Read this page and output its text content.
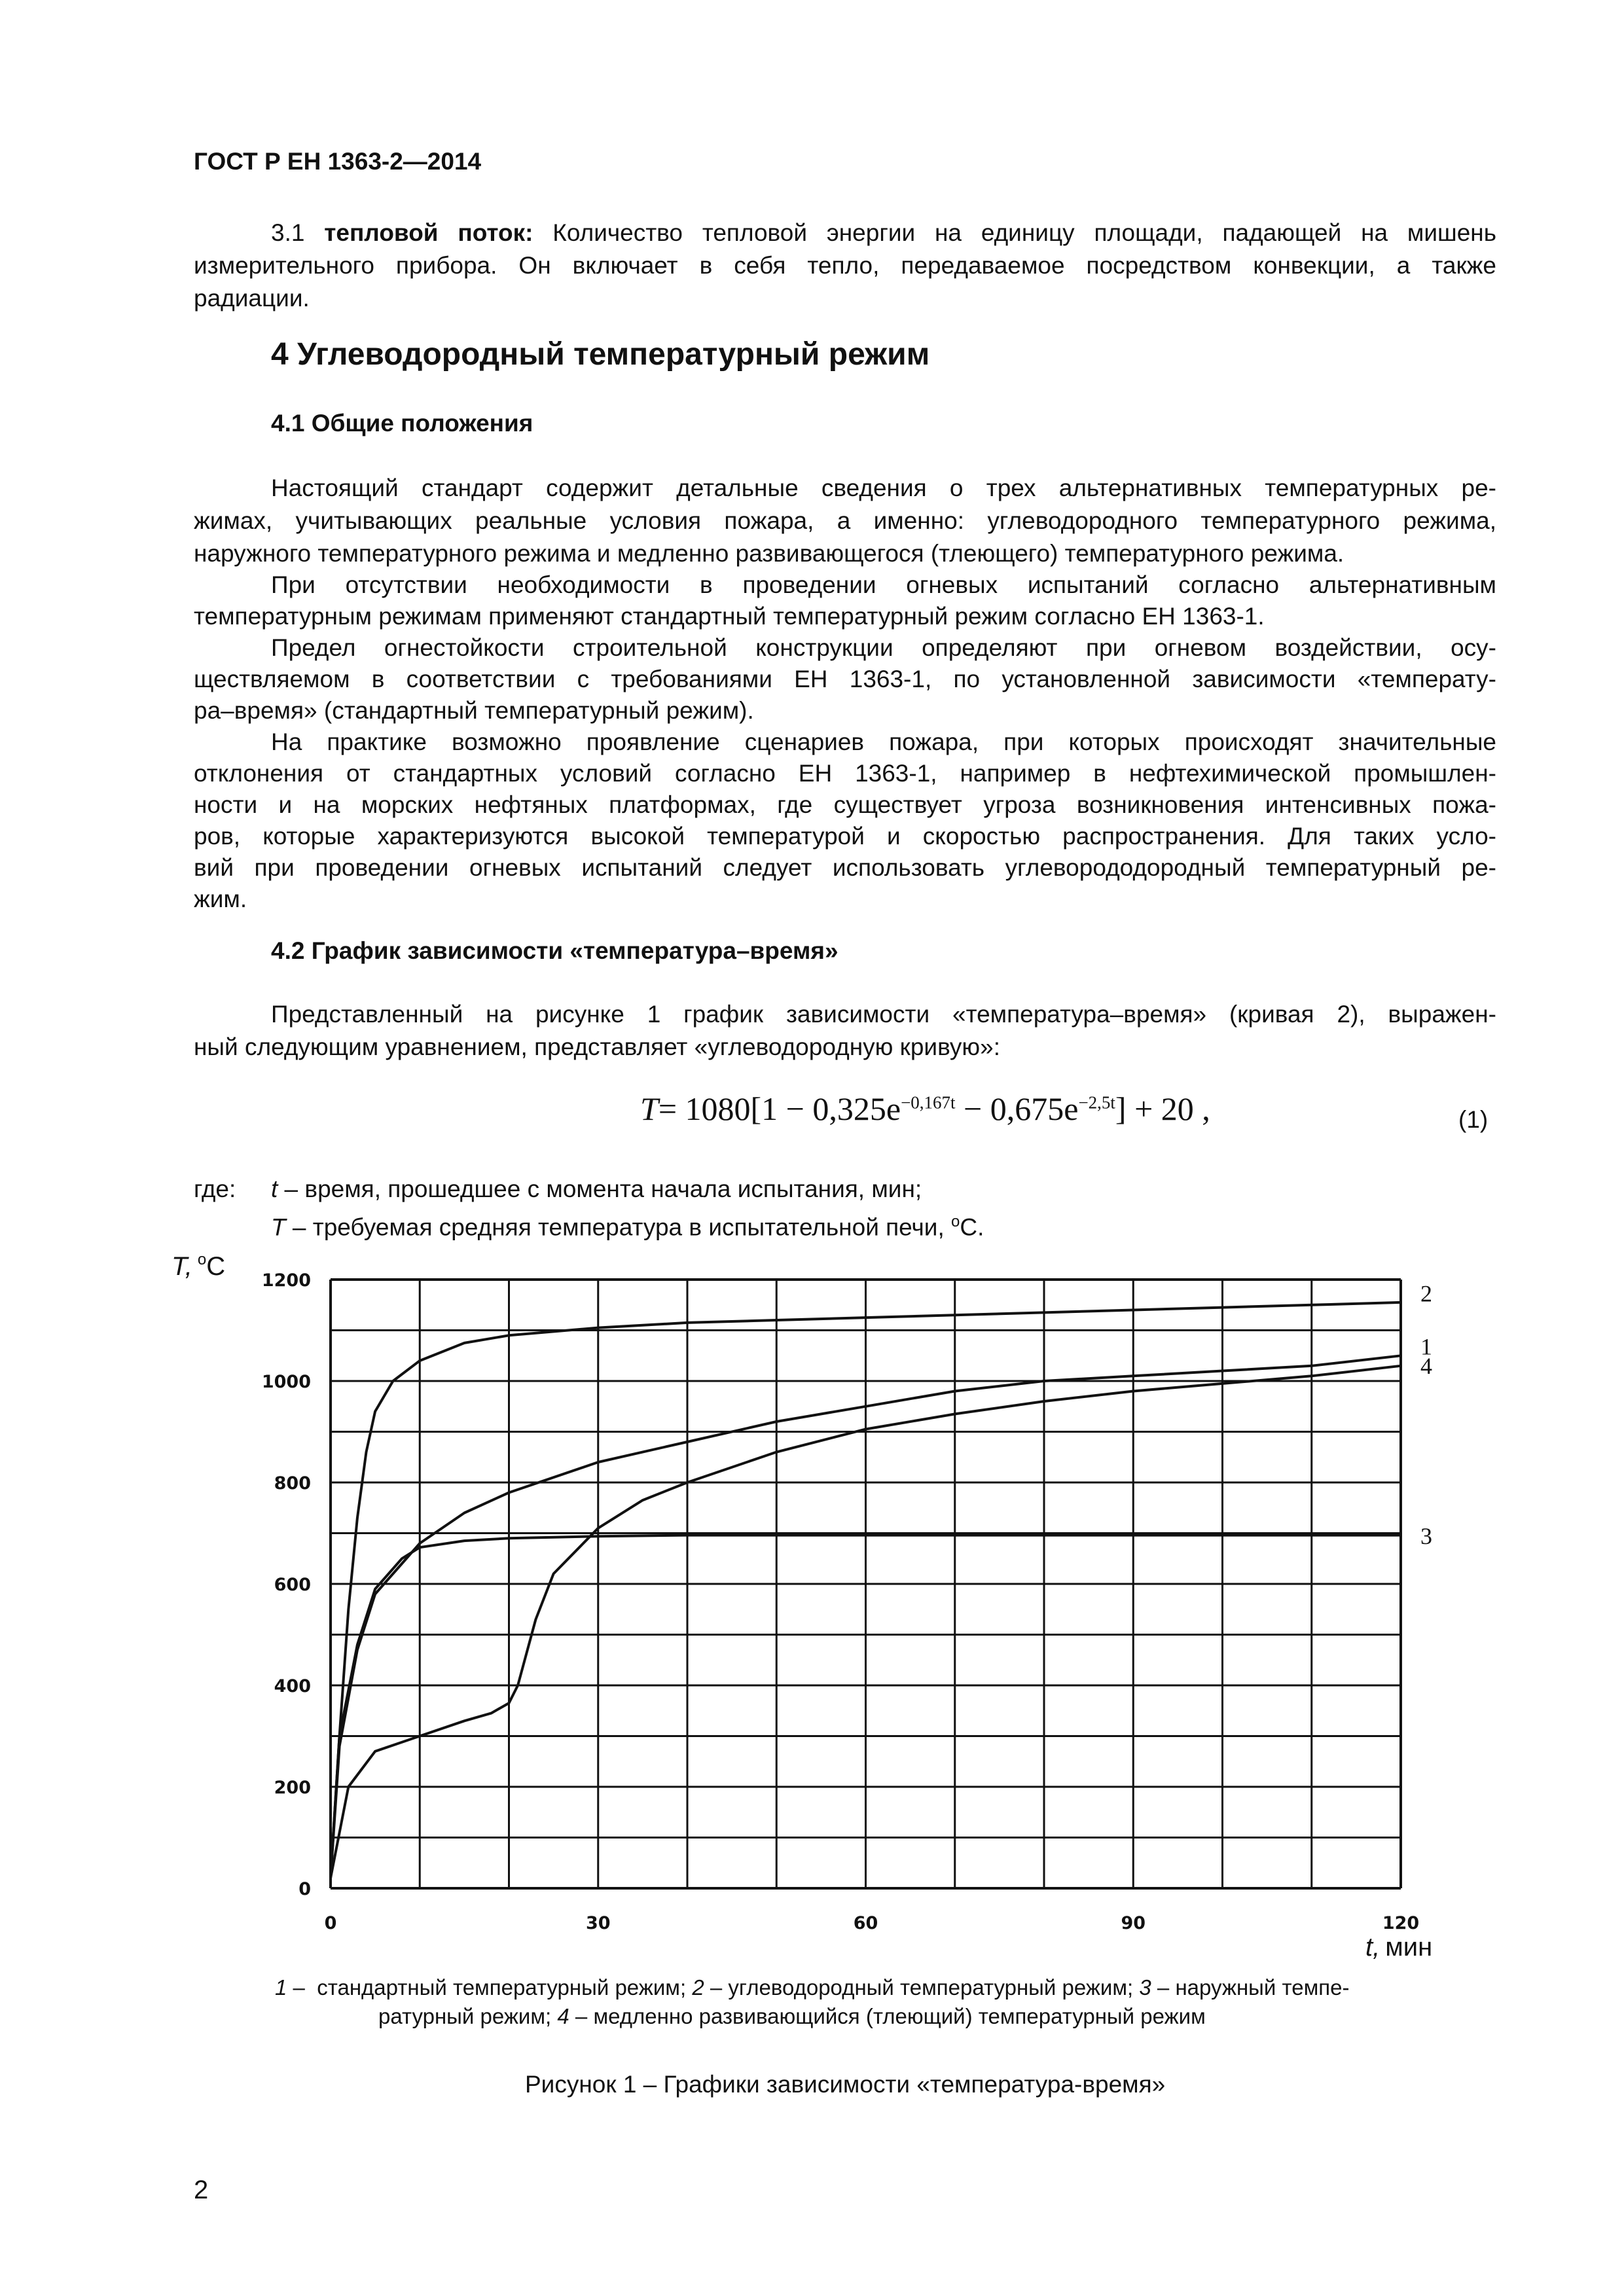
ГОСТ Р ЕН 1363-2—2014
3.1 тепловой поток: Количество тепловой энергии на единицу площади, падающей на мишень
измерительного прибора. Он включает в себя тепло, передаваемое посредством конвекции, а также
радиации.
4 Углеводородный температурный режим
4.1 Общие положения
Настоящий стандарт содержит детальные сведения о трех альтернативных температурных ре-
жимах, учитывающих реальные условия пожара, а именно: углеводородного температурного режима,
наружного температурного режима и медленно развивающегося (тлеющего) температурного режима.
При отсутствии необходимости в проведении огневых испытаний согласно альтернативным
температурным режимам применяют стандартный температурный режим согласно ЕН 1363-1.
Предел огнестойкости строительной конструкции определяют при огневом воздействии, осу-
ществляемом в соответствии с требованиями ЕН 1363-1, по установленной зависимости «температу-
ра–время» (стандартный температурный режим).
На практике возможно проявление сценариев пожара, при которых происходят значительные
отклонения от стандартных условий согласно ЕН 1363-1, например в нефтехимической промышлен-
ности и на морских нефтяных платформах, где существует угроза возникновения интенсивных пожа-
ров, которые характеризуются высокой температурой и скоростью распространения. Для таких усло-
вий при проведении огневых испытаний следует использовать углеворододородный температурный ре-
жим.
4.2 График зависимости «температура–время»
Представленный на рисунке 1 график зависимости «температура–время» (кривая 2), выражен-
ный следующим уравнением, представляет «углеводородную кривую»:
$T= 1080[1 - 0,325e^{-0,167t} - 0,675e^{-2,5t}] + 20$ ,	(1)
где: t – время, прошедшее с момента начала испытания, мин;
T – требуемая средняя температура в испытательной печи, $^o$С.
0	30	60	90	120
0
200
400
600
800
1000
1200
2
1
4
3
T, $^o$С
t, мин
1 – стандартный температурный режим; 2 – углеводородный температурный режим; 3 – наружный темпе-
ратурный режим; 4 – медленно развивающийся (тлеющий) температурный режим
Рисунок 1 – Графики зависимости «температура-время»
2
